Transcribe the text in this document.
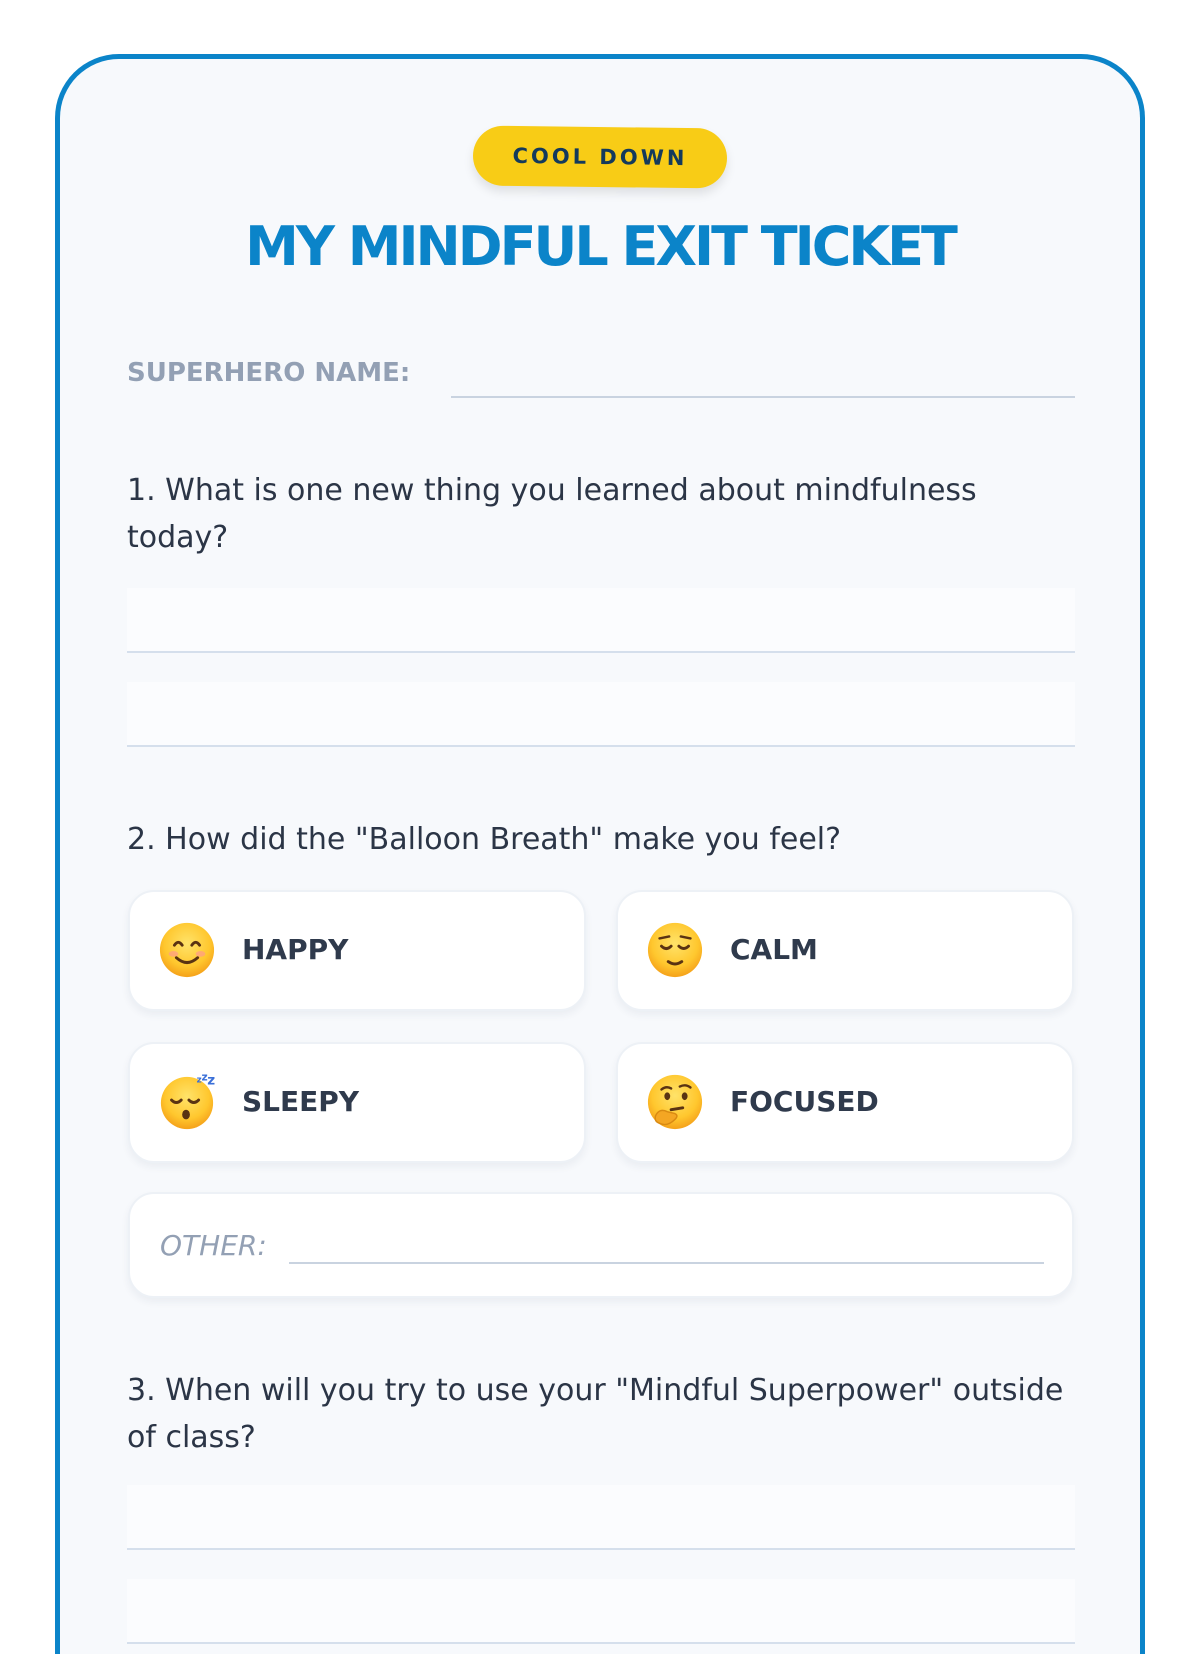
COOL DOWN
MY MINDFUL EXIT TICKET
SUPERHERO NAME:
1. What is one new thing you learned about mindfulness today?
2. How did the "Balloon Breath" make you feel?
HAPPY	CALM
z z z
SLEEPY	FOCUSED
OTHER:
3. When will you try to use your "Mindful Superpower" outside of class?
